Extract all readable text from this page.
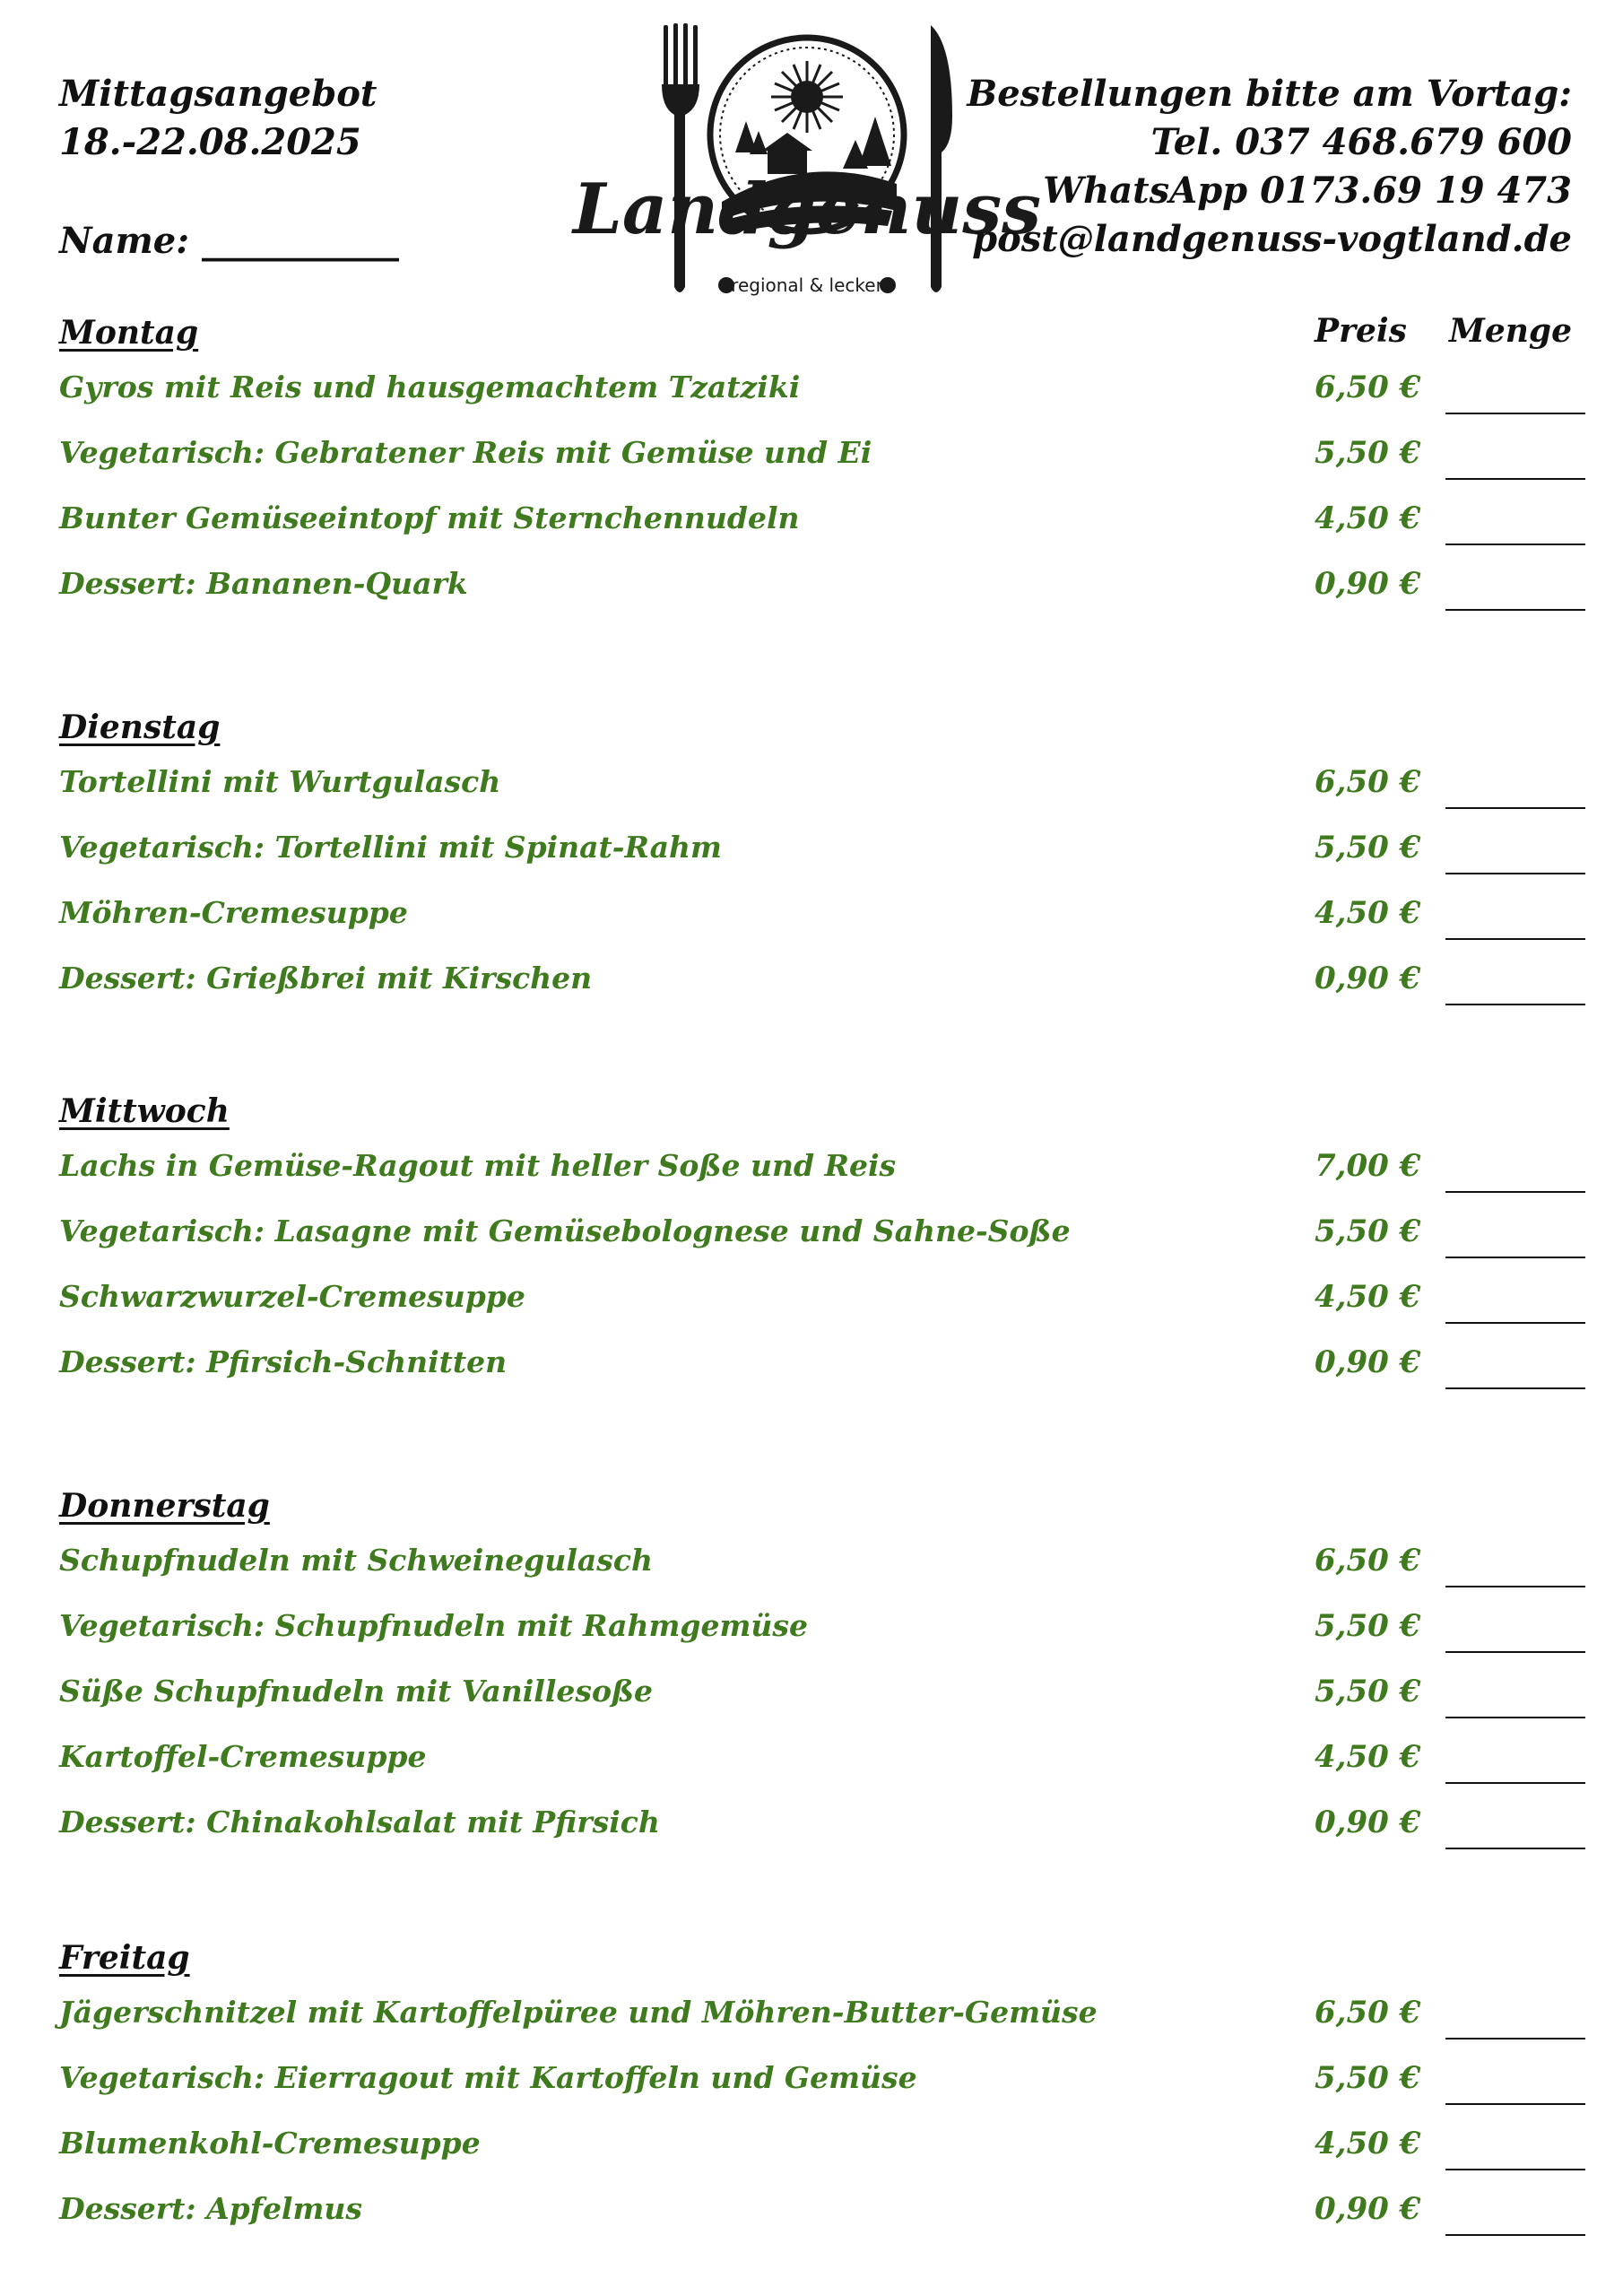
Mittagsangebot
18.-22.08.2025
Name: ___________ Landgenuss
regional & lecker
Bestellungen bitte am Vortag:
Tel. 037 468.679 600
WhatsApp 0173.69 19 473
post@landgenuss-vogtland.de
Preis Menge
Montag
Gyros mit Reis und hausgemachtem Tzatziki	6,50 €
Vegetarisch: Gebratener Reis mit Gemüse und Ei	5,50 €
Bunter Gemüseeintopf mit Sternchennudeln	4,50 €
Dessert: Bananen-Quark	0,90 €
Dienstag
Tortellini mit Wurtgulasch	6,50 €
Vegetarisch: Tortellini mit Spinat-Rahm	5,50 €
Möhren-Cremesuppe	4,50 €
Dessert: Grießbrei mit Kirschen	0,90 €
Mittwoch
Lachs in Gemüse-Ragout mit heller Soße und Reis	7,00 €
Vegetarisch: Lasagne mit Gemüsebolognese und Sahne-Soße	5,50 €
Schwarzwurzel-Cremesuppe	4,50 €
Dessert: Pfirsich-Schnitten	0,90 €
Donnerstag
Schupfnudeln mit Schweinegulasch	6,50 €
Vegetarisch: Schupfnudeln mit Rahmgemüse	5,50 €
Süße Schupfnudeln mit Vanillesoße	5,50 €
Kartoffel-Cremesuppe	4,50 €
Dessert: Chinakohlsalat mit Pfirsich	0,90 €
Freitag
Jägerschnitzel mit Kartoffelpüree und Möhren-Butter-Gemüse	6,50 €
Vegetarisch: Eierragout mit Kartoffeln und Gemüse	5,50 €
Blumenkohl-Cremesuppe	4,50 €
Dessert: Apfelmus	0,90 €
